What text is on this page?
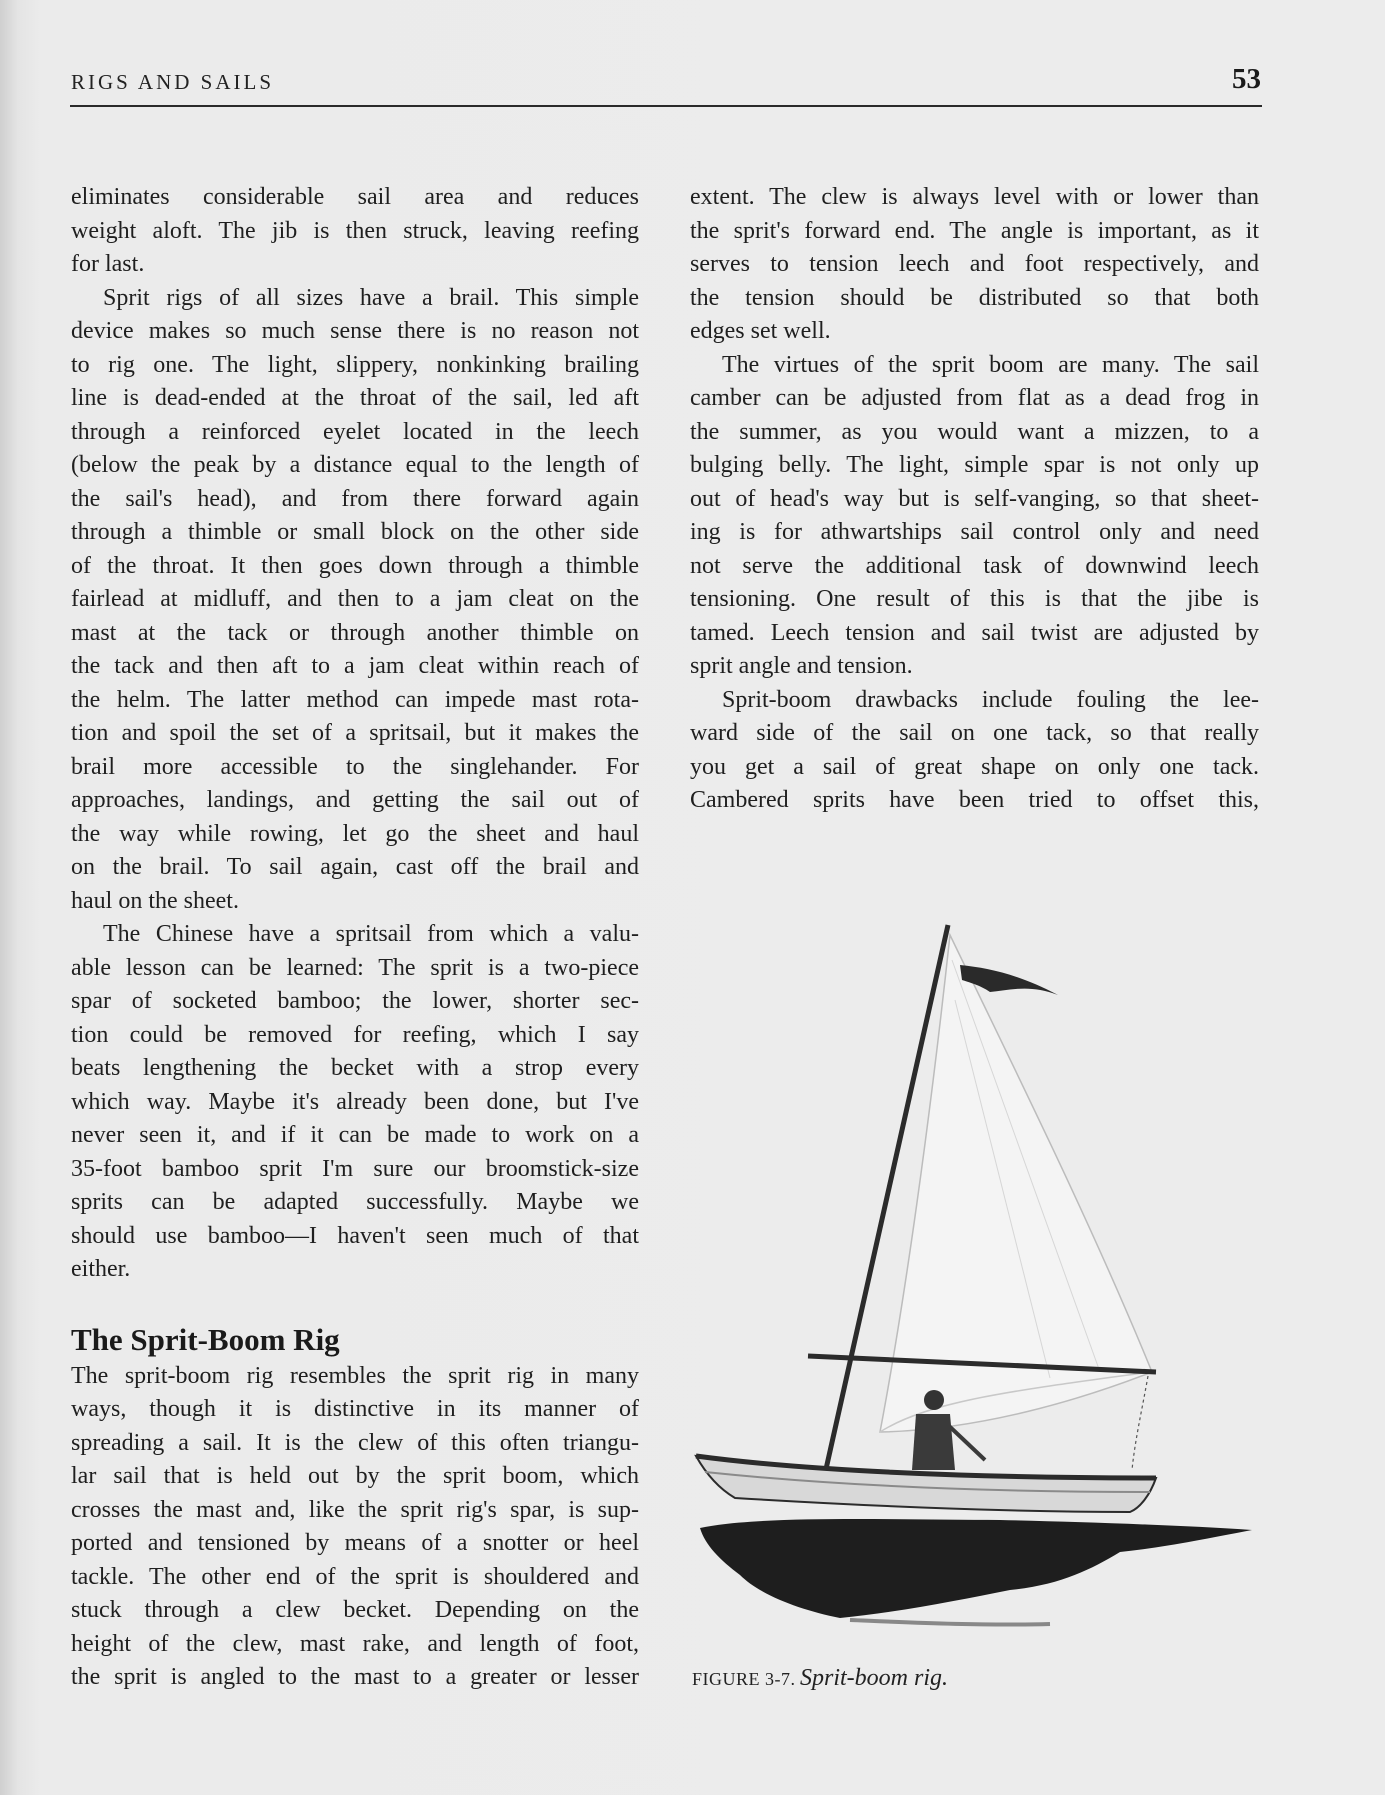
RIGS AND SAILS	53
eliminates considerable sail area and reduces
weight aloft. The jib is then struck, leaving reefing
for last.
Sprit rigs of all sizes have a brail. This simple
device makes so much sense there is no reason not
to rig one. The light, slippery, nonkinking brailing
line is dead-ended at the throat of the sail, led aft
through a reinforced eyelet located in the leech
(below the peak by a distance equal to the length of
the sail's head), and from there forward again
through a thimble or small block on the other side
of the throat. It then goes down through a thimble
fairlead at midluff, and then to a jam cleat on the
mast at the tack or through another thimble on
the tack and then aft to a jam cleat within reach of
the helm. The latter method can impede mast rota-
tion and spoil the set of a spritsail, but it makes the
brail more accessible to the singlehander. For
approaches, landings, and getting the sail out of
the way while rowing, let go the sheet and haul
on the brail. To sail again, cast off the brail and
haul on the sheet.
The Chinese have a spritsail from which a valu-
able lesson can be learned: The sprit is a two-piece
spar of socketed bamboo; the lower, shorter sec-
tion could be removed for reefing, which I say
beats lengthening the becket with a strop every
which way. Maybe it's already been done, but I've
never seen it, and if it can be made to work on a
35-foot bamboo sprit I'm sure our broomstick-size
sprits can be adapted successfully. Maybe we
should use bamboo—I haven't seen much of that
either.
The Sprit-Boom Rig
The sprit-boom rig resembles the sprit rig in many
ways, though it is distinctive in its manner of
spreading a sail. It is the clew of this often triangu-
lar sail that is held out by the sprit boom, which
crosses the mast and, like the sprit rig's spar, is sup-
ported and tensioned by means of a snotter or heel
tackle. The other end of the sprit is shouldered and
stuck through a clew becket. Depending on the
height of the clew, mast rake, and length of foot,
the sprit is angled to the mast to a greater or lesser
extent. The clew is always level with or lower than
the sprit's forward end. The angle is important, as it
serves to tension leech and foot respectively, and
the tension should be distributed so that both
edges set well.
The virtues of the sprit boom are many. The sail
camber can be adjusted from flat as a dead frog in
the summer, as you would want a mizzen, to a
bulging belly. The light, simple spar is not only up
out of head's way but is self-vanging, so that sheet-
ing is for athwartships sail control only and need
not serve the additional task of downwind leech
tensioning. One result of this is that the jibe is
tamed. Leech tension and sail twist are adjusted by
sprit angle and tension.
Sprit-boom drawbacks include fouling the lee-
ward side of the sail on one tack, so that really
you get a sail of great shape on only one tack.
Cambered sprits have been tried to offset this,
FIGURE 3-7. Sprit-boom rig.
